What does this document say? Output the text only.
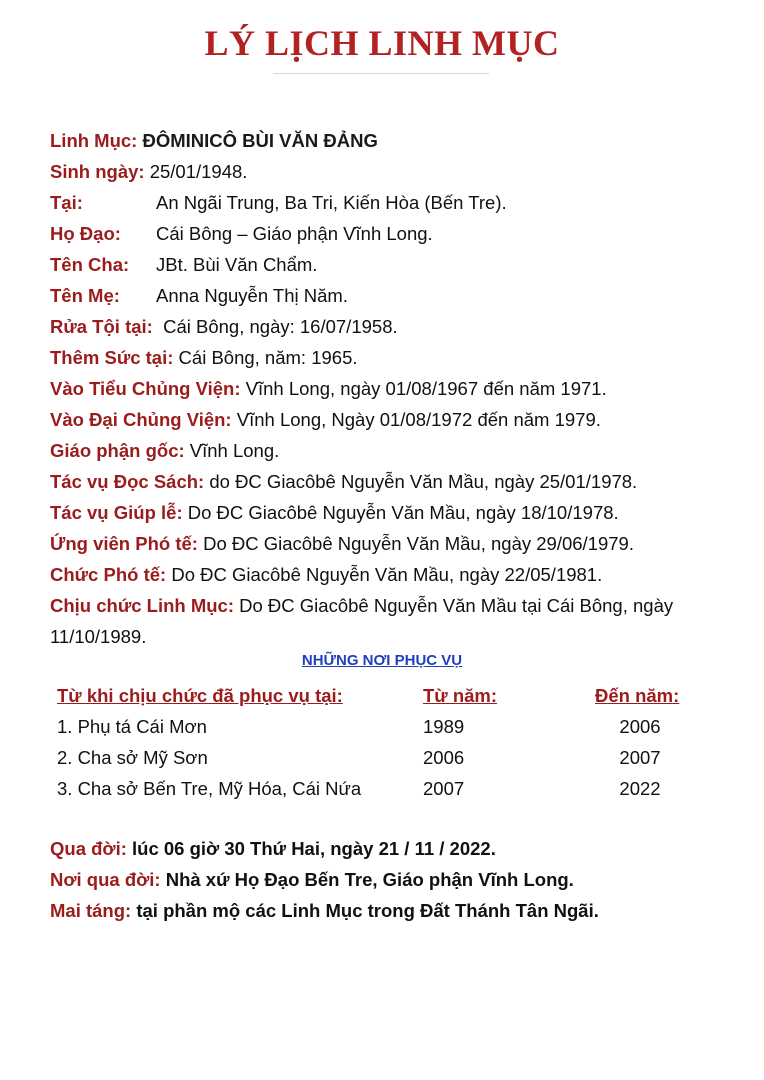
LÝ LỊCH LINH MỤC
Linh Mục: ĐÔMINICÔ BÙI VĂN ĐẢNG
Sinh ngày: 25/01/1948.
Tại:	An Ngãi Trung, Ba Tri, Kiến Hòa (Bến Tre).
Họ Đạo: Cái Bông – Giáo phận Vĩnh Long.
Tên Cha: JBt. Bùi Văn Chẩm.
Tên Mẹ: Anna Nguyễn Thị Năm.
Rửa Tội tại: Cái Bông, ngày: 16/07/1958.
Thêm Sức tại: Cái Bông, năm: 1965.
Vào Tiểu Chủng Viện: Vĩnh Long, ngày 01/08/1967 đến năm 1971.
Vào Đại Chủng Viện: Vĩnh Long, Ngày 01/08/1972 đến năm 1979.
Giáo phận gốc: Vĩnh Long.
Tác vụ Đọc Sách: do ĐC Giacôbê Nguyễn Văn Mầu, ngày 25/01/1978.
Tác vụ Giúp lễ: Do ĐC Giacôbê Nguyễn Văn Mầu, ngày 18/10/1978.
Ứng viên Phó tế: Do ĐC Giacôbê Nguyễn Văn Mầu, ngày 29/06/1979.
Chức Phó tế: Do ĐC Giacôbê Nguyễn Văn Mầu, ngày 22/05/1981.
Chịu chức Linh Mục: Do ĐC Giacôbê Nguyễn Văn Mầu tại Cái Bông, ngày 11/10/1989.
NHỮNG NƠI PHỤC VỤ
Từ khi chịu chức đã phục vụ tại:	Từ năm:	Đến năm:
1. Phụ tá Cái Mơn	1989	2006
2. Cha sở Mỹ Sơn	2006	2007
3. Cha sở Bến Tre, Mỹ Hóa, Cái Nứa	2007	2022
Qua đời: lúc 06 giờ 30 Thứ Hai, ngày 21 / 11 / 2022.
Nơi qua đời: Nhà xứ Họ Đạo Bến Tre, Giáo phận Vĩnh Long.
Mai táng: tại phần mộ các Linh Mục trong Đất Thánh Tân Ngãi.
